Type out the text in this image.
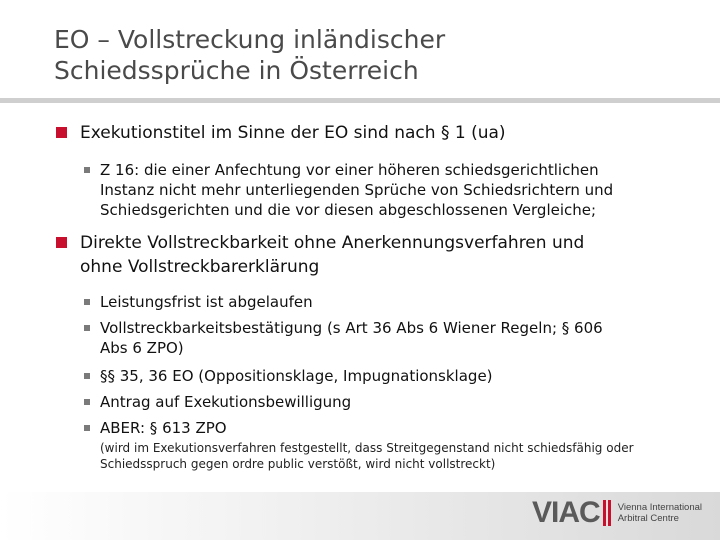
EO – Vollstreckung inländischer
Schiedssprüche in Österreich
Exekutionstitel im Sinne der EO sind nach § 1 (ua)
Z 16: die einer Anfechtung vor einer höheren schiedsgerichtlichen
Instanz nicht mehr unterliegenden Sprüche von Schiedsrichtern und
Schiedsgerichten und die vor diesen abgeschlossenen Vergleiche;
Direkte Vollstreckbarkeit ohne Anerkennungsverfahren und
ohne Vollstreckbarerklärung
Leistungsfrist ist abgelaufen
Vollstreckbarkeitsbestätigung (s Art 36 Abs 6 Wiener Regeln; § 606
Abs 6 ZPO)
§§ 35, 36 EO (Oppositionsklage, Impugnationsklage)
Antrag auf Exekutionsbewilligung
ABER: § 613 ZPO
(wird im Exekutionsverfahren festgestellt, dass Streitgegenstand nicht schiedsfähig oder
Schiedsspruch gegen ordre public verstößt, wird nicht vollstreckt)
VIAC Vienna International
Arbitral Centre
